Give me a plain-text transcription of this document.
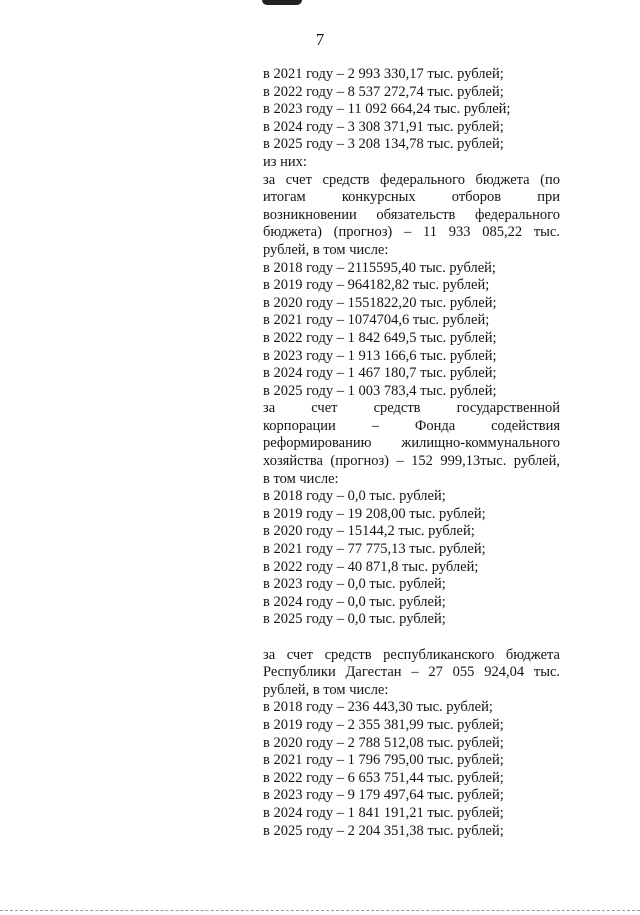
7
в 2021 году – 2 993 330,17 тыс. рублей;
в 2022 году – 8 537 272,74 тыс. рублей;
в 2023 году – 11 092 664,24 тыс. рублей;
в 2024 году – 3 308 371,91 тыс. рублей;
в 2025 году – 3 208 134,78 тыс. рублей;
из них:
за счет средств федерального бюджета (по
итогам конкурсных отборов при
возникновении обязательств федерального
бюджета) (прогноз) – 11 933 085,22 тыс.
рублей, в том числе:
в 2018 году – 2115595,40 тыс. рублей;
в 2019 году – 964182,82 тыс. рублей;
в 2020 году – 1551822,20 тыс. рублей;
в 2021 году – 1074704,6 тыс. рублей;
в 2022 году – 1 842 649,5 тыс. рублей;
в 2023 году – 1 913 166,6 тыс. рублей;
в 2024 году – 1 467 180,7 тыс. рублей;
в 2025 году – 1 003 783,4 тыс. рублей;
за счет средств государственной
корпорации – Фонда содействия
реформированию жилищно-коммунального
хозяйства (прогноз) – 152 999,13тыс. рублей,
в том числе:
в 2018 году – 0,0 тыс. рублей;
в 2019 году – 19 208,00 тыс. рублей;
в 2020 году – 15144,2 тыс. рублей;
в 2021 году – 77 775,13 тыс. рублей;
в 2022 году – 40 871,8 тыс. рублей;
в 2023 году – 0,0 тыс. рублей;
в 2024 году – 0,0 тыс. рублей;
в 2025 году – 0,0 тыс. рублей;
за счет средств республиканского бюджета
Республики Дагестан – 27 055 924,04 тыс.
рублей, в том числе:
в 2018 году – 236 443,30 тыс. рублей;
в 2019 году – 2 355 381,99 тыс. рублей;
в 2020 году – 2 788 512,08 тыс. рублей;
в 2021 году – 1 796 795,00 тыс. рублей;
в 2022 году – 6 653 751,44 тыс. рублей;
в 2023 году – 9 179 497,64 тыс. рублей;
в 2024 году – 1 841 191,21 тыс. рублей;
в 2025 году – 2 204 351,38 тыс. рублей;
